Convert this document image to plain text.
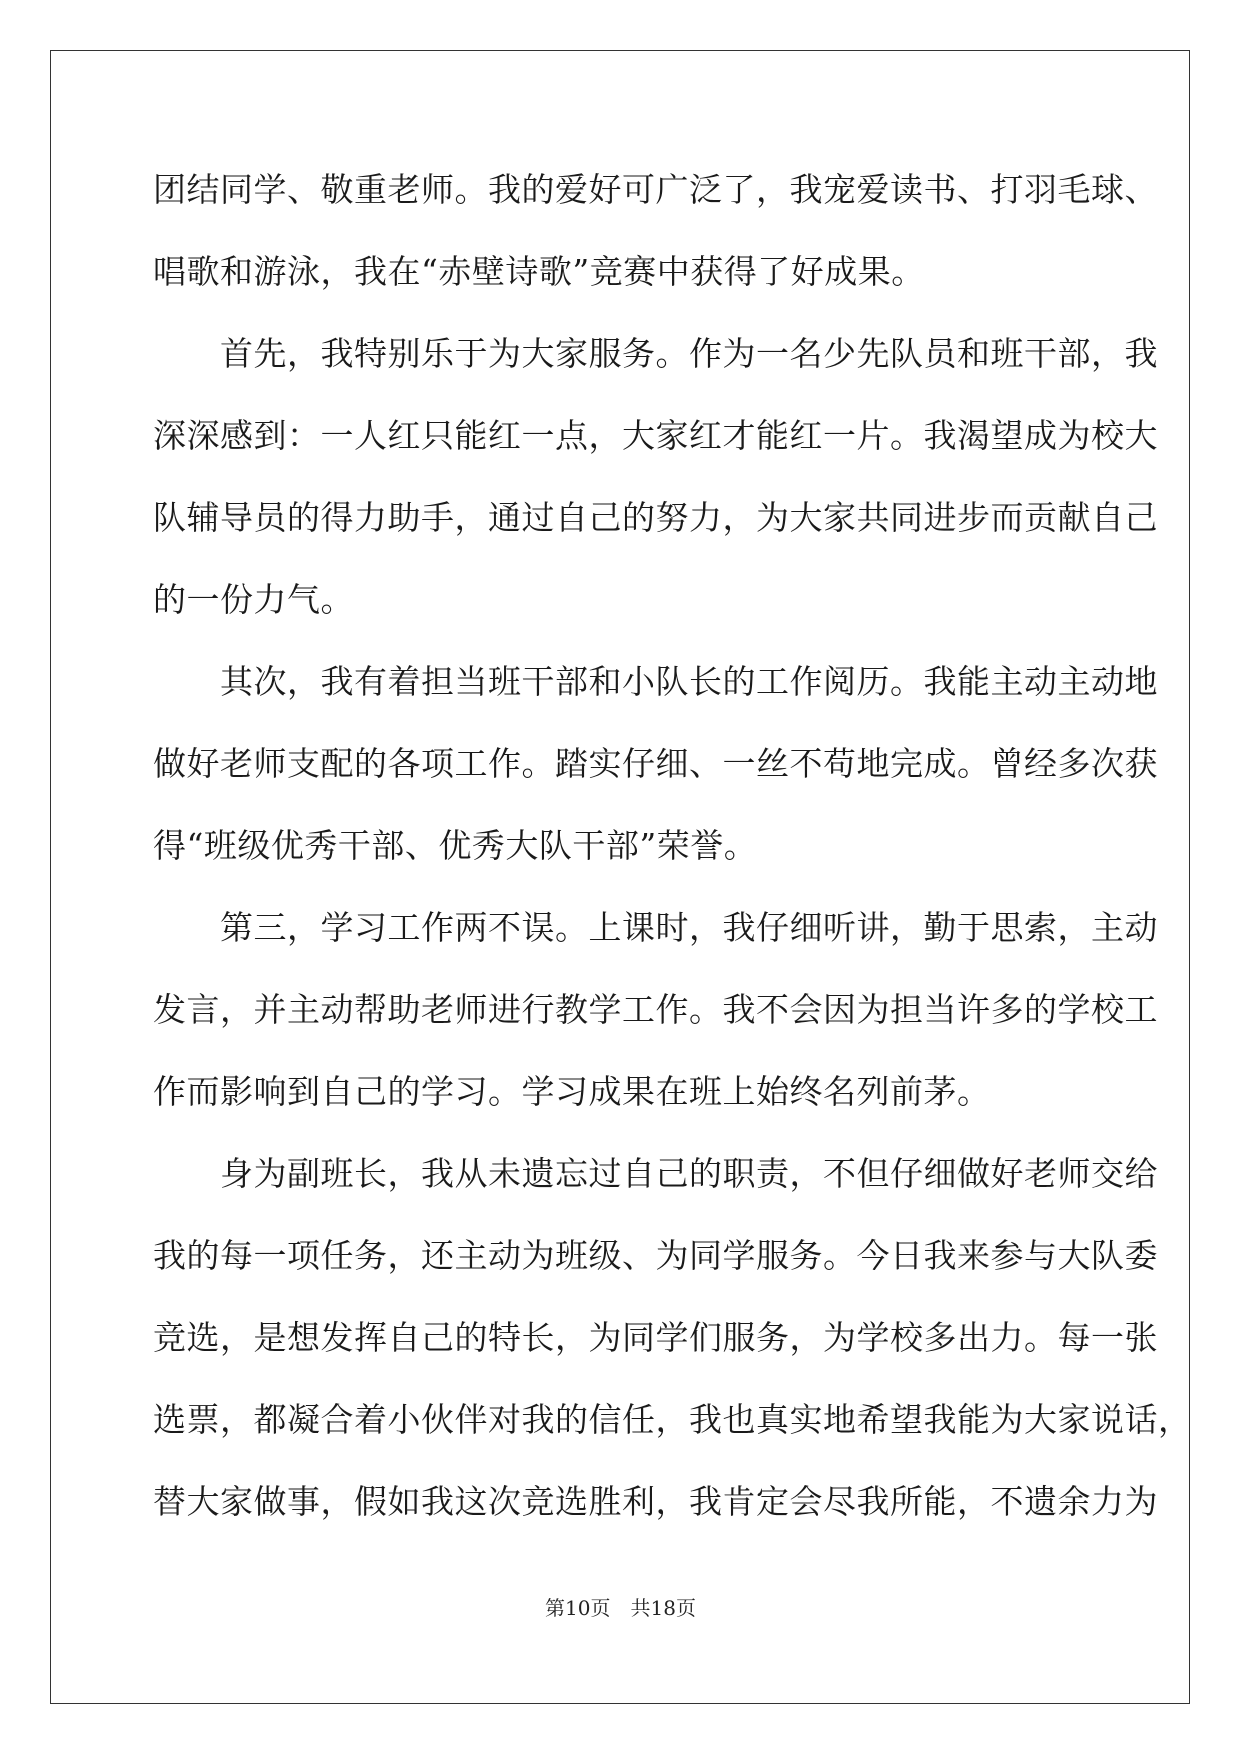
团结同学、敬重老师。我的爱好可广泛了，我宠爱读书、打羽毛球、
唱歌和游泳，我在“赤壁诗歌”竞赛中获得了好成果。
　　首先，我特别乐于为大家服务。作为一名少先队员和班干部，我
深深感到：一人红只能红一点，大家红才能红一片。我渴望成为校大
队辅导员的得力助手，通过自己的努力，为大家共同进步而贡献自己
的一份力气。
　　其次，我有着担当班干部和小队长的工作阅历。我能主动主动地
做好老师支配的各项工作。踏实仔细、一丝不苟地完成。曾经多次获
得“班级优秀干部、优秀大队干部”荣誉。
　　第三，学习工作两不误。上课时，我仔细听讲，勤于思索，主动
发言，并主动帮助老师进行教学工作。我不会因为担当许多的学校工
作而影响到自己的学习。学习成果在班上始终名列前茅。
　　身为副班长，我从未遗忘过自己的职责，不但仔细做好老师交给
我的每一项任务，还主动为班级、为同学服务。今日我来参与大队委
竞选，是想发挥自己的特长，为同学们服务，为学校多出力。每一张
选票，都凝合着小伙伴对我的信任，我也真实地希望我能为大家说话，
替大家做事，假如我这次竞选胜利，我肯定会尽我所能，不遗余力为
第10页 共18页
